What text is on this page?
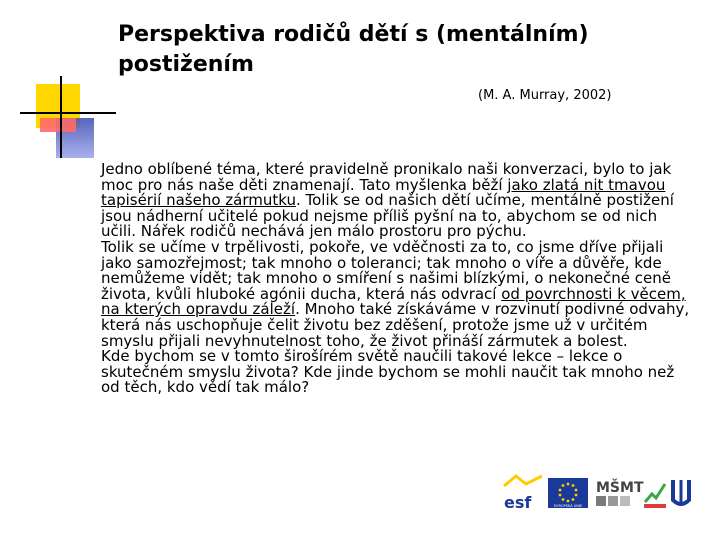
Perspektiva rodičů dětí s (mentálním) postižením
(M. A. Murray, 2002)

Jedno oblíbené téma, které pravidelně pronikalo naši konverzaci, bylo to jak moc pro nás naše děti znamenají. Tato myšlenka běží jako zlatá nit tmavou tapisérií našeho zármutku. Tolik se od našich dětí učíme, mentálně postižení jsou nádherní učitelé pokud nejsme příliš pyšní na to, abychom se od nich učili. Nářek rodičů nechává jen málo prostoru pro pýchu.

Tolik se učíme v trpělivosti, pokoře, ve vděčnosti za to, co jsme dříve přijali jako samozřejmost; tak mnoho o toleranci; tak mnoho o víře a důvěře, kde nemůžeme vidět; tak mnoho o smíření s našimi blízkými, o nekonečné ceně života, kvůli hluboké agónii ducha, která nás odvrací od povrchnosti k věcem, na kterých opravdu záleží. Mnoho také získáváme v rozvinutí podivné odvahy, která nás uschopňuje čelit životu bez zděšení, protože jsme už v určitém smyslu přijali nevyhnutelnost toho, že život přináší zármutek a bolest.

Kde bychom se v tomto širošírém světě naučili takové lekce – lekce o skutečném smyslu života? Kde jinde bychom se mohli naučit tak mnoho než od těch, kdo vědí tak málo?

esf	EVROPSKÁ UNIE
MŠMT
